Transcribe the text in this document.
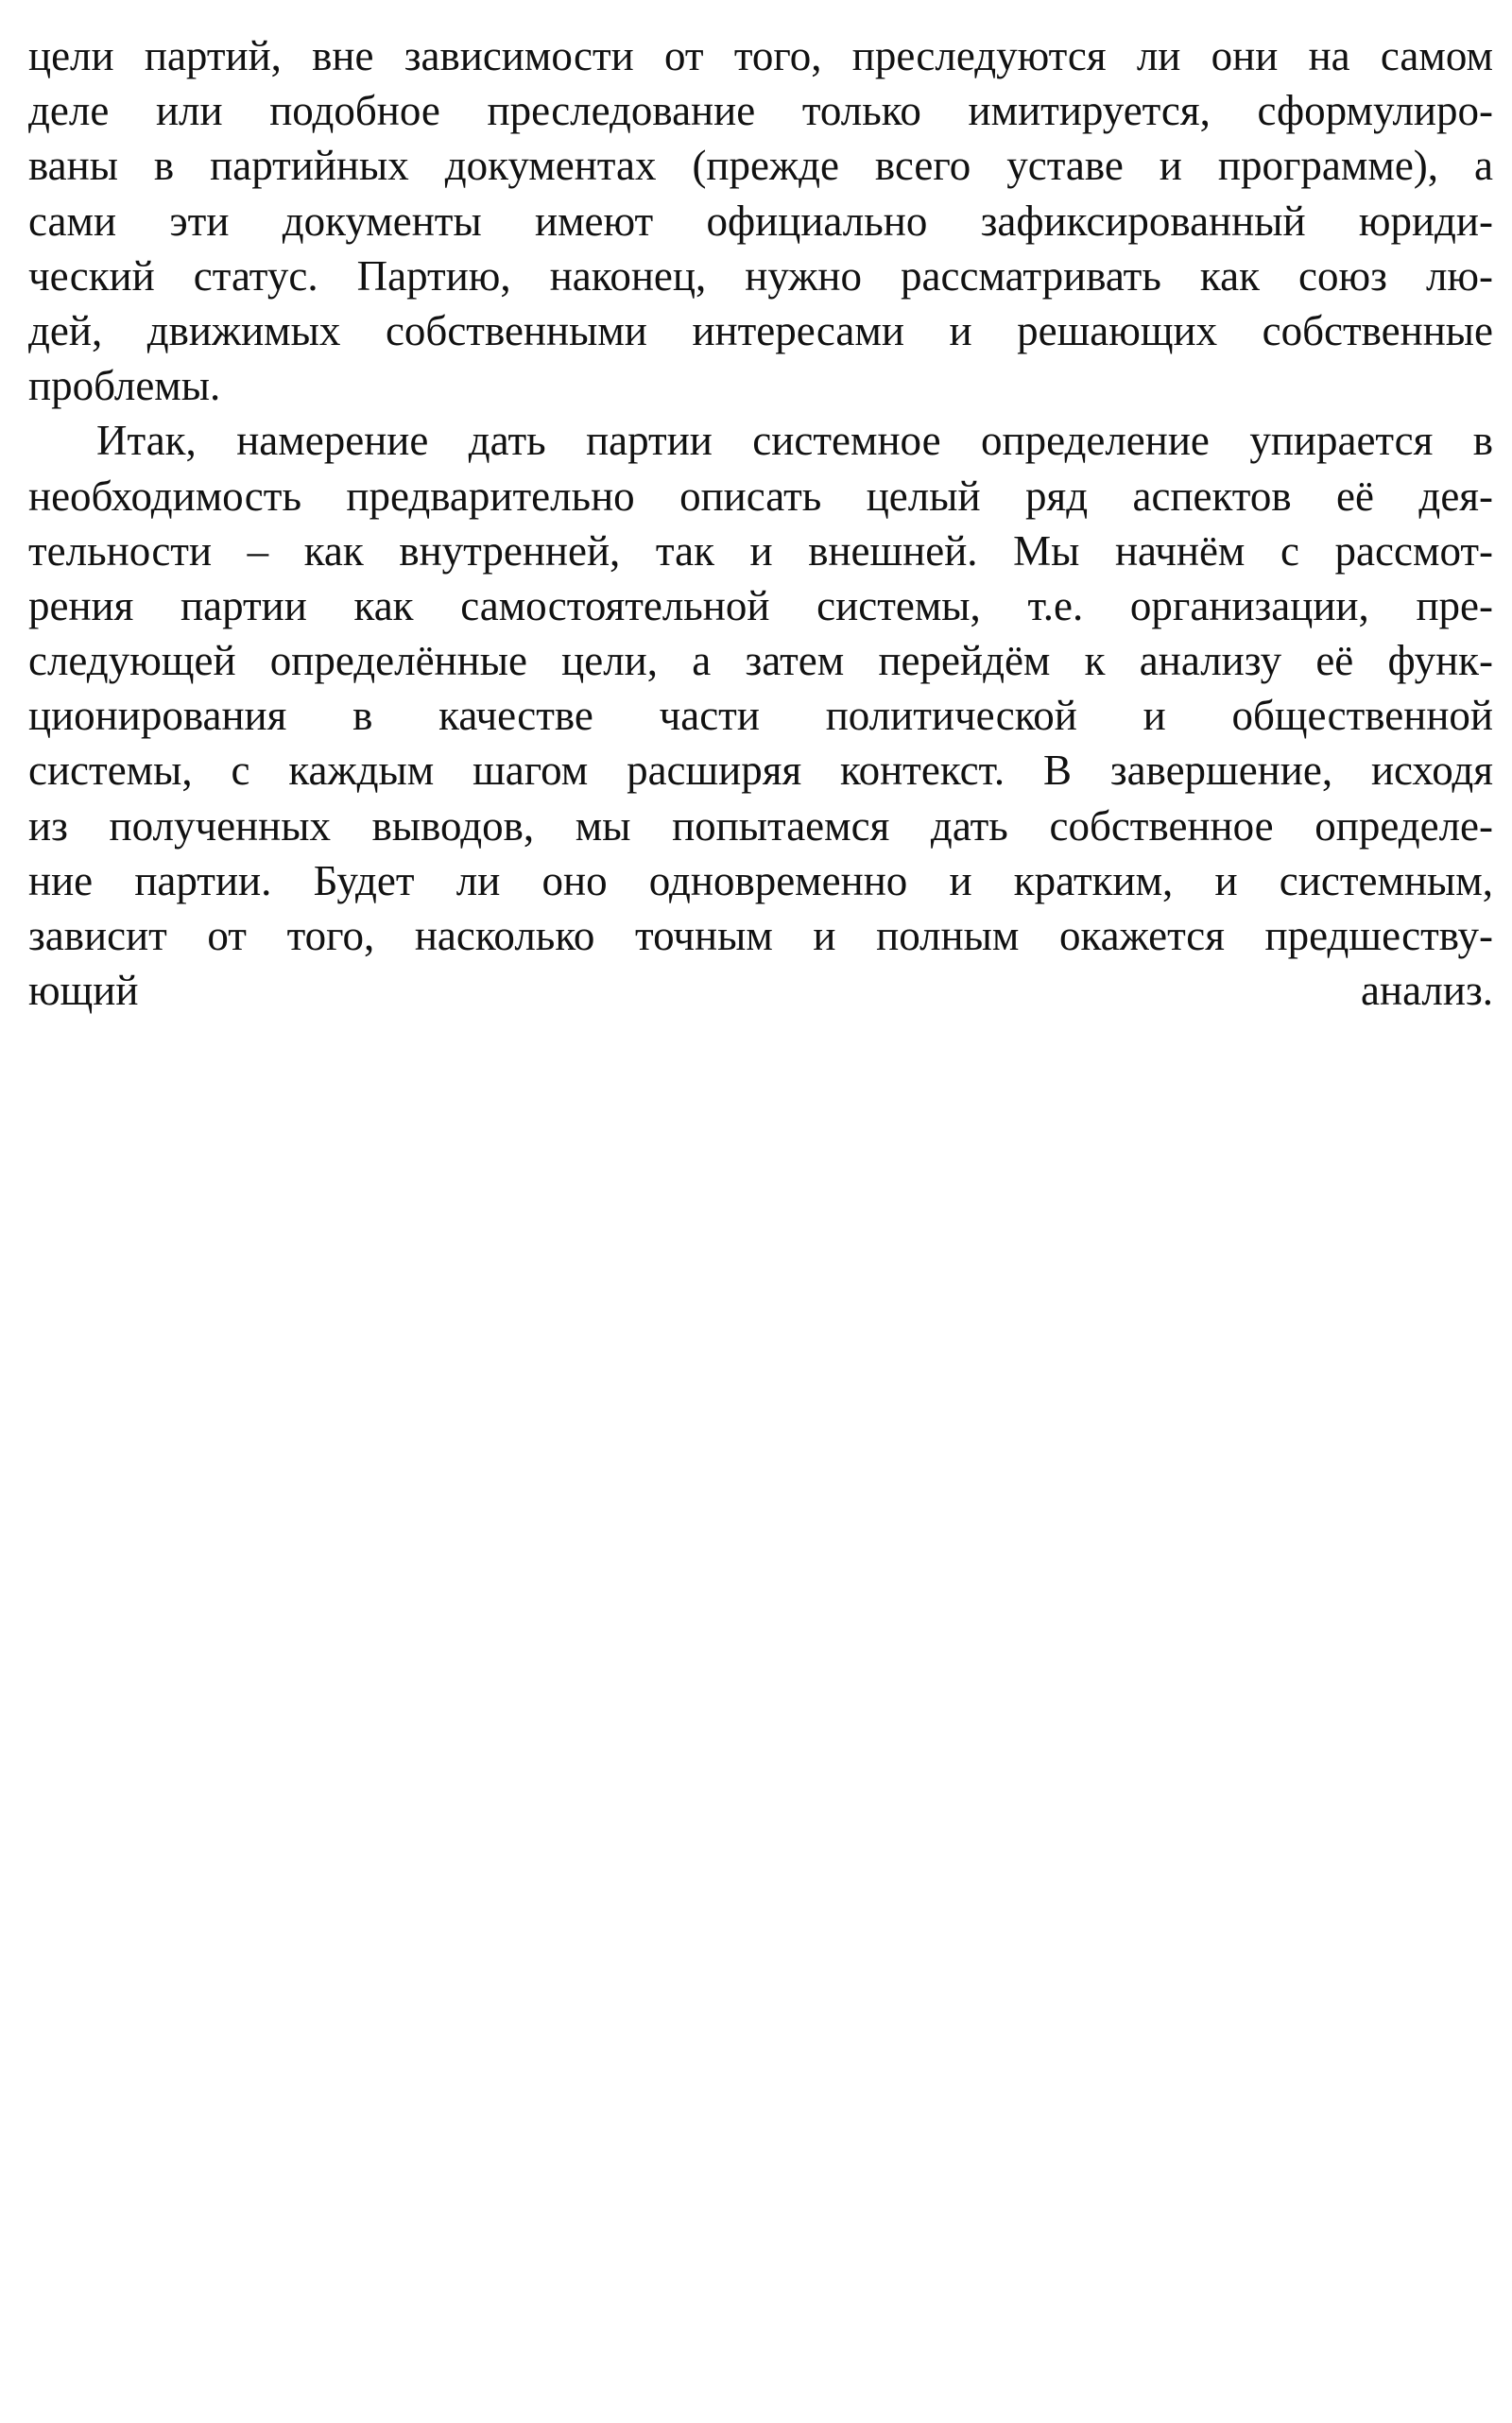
цели партий, вне зависимости от того, преследуются ли они на самом
деле или подобное преследование только имитируется, сформулиро-
ваны в партийных документах (прежде всего уставе и программе), а
сами эти документы имеют официально зафиксированный юриди-
ческий статус. Партию, наконец, нужно рассматривать как союз лю-
дей, движимых собственными интересами и решающих собственные
проблемы.
Итак, намерение дать партии системное определение упирается в
необходимость предварительно описать целый ряд аспектов её дея-
тельности – как внутренней, так и внешней. Мы начнём с рассмот-
рения партии как самостоятельной системы, т.е. организации, пре-
следующей определённые цели, а затем перейдём к анализу её функ-
ционирования в качестве части политической и общественной
системы, с каждым шагом расширяя контекст. В завершение, исходя
из полученных выводов, мы попытаемся дать собственное определе-
ние партии. Будет ли оно одновременно и кратким, и системным,
зависит от того, насколько точным и полным окажется предшеству-
ющий анализ.
